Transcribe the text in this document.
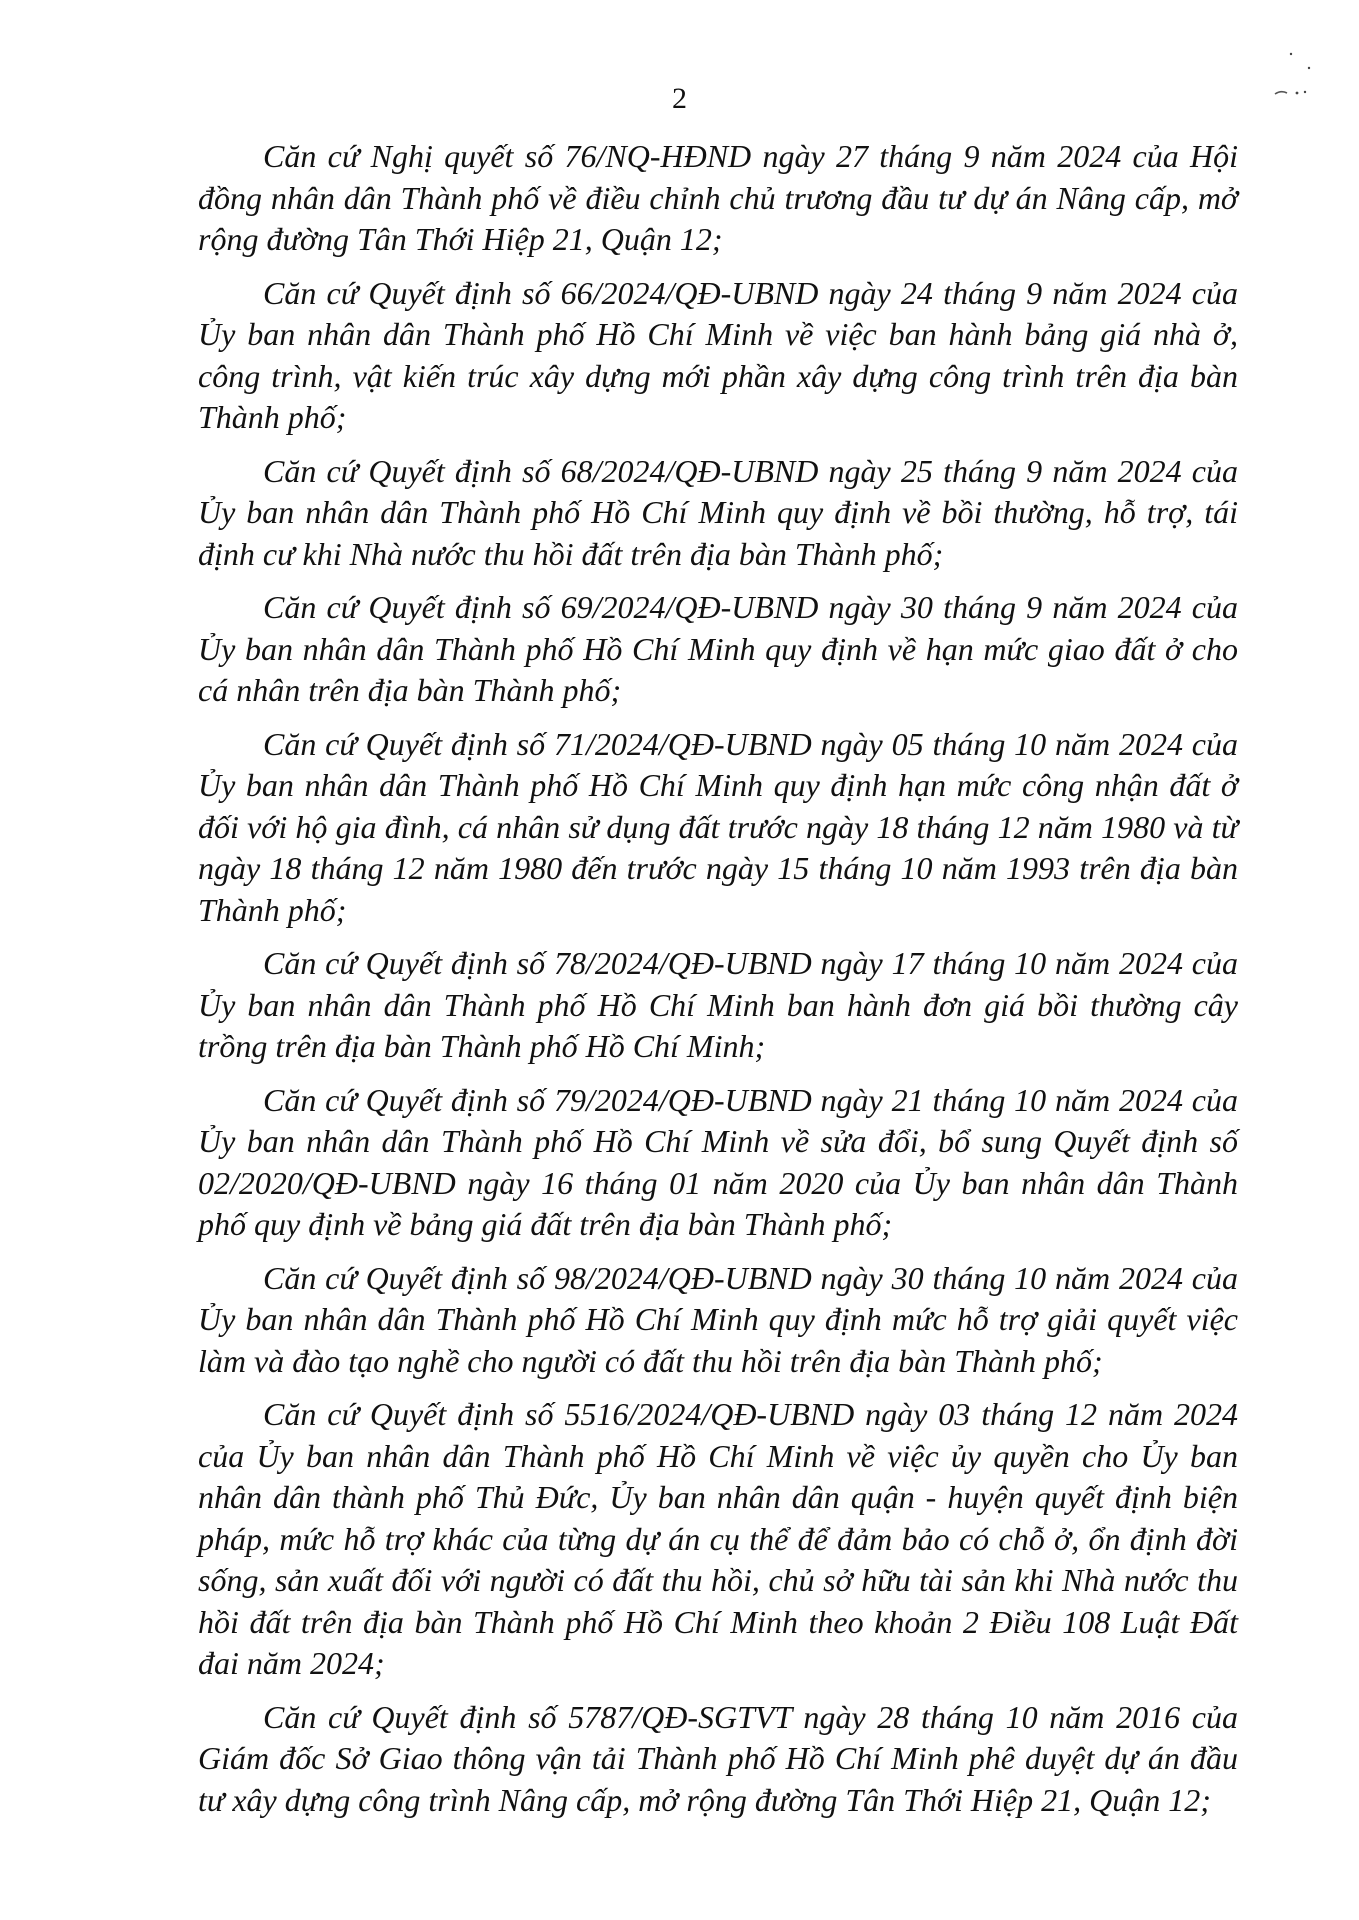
2

Căn cứ Nghị quyết số 76/NQ-HĐND ngày 27 tháng 9 năm 2024 của Hội đồng nhân dân Thành phố về điều chỉnh chủ trương đầu tư dự án Nâng cấp, mở rộng đường Tân Thới Hiệp 21, Quận 12;

Căn cứ Quyết định số 66/2024/QĐ-UBND ngày 24 tháng 9 năm 2024 của Ủy ban nhân dân Thành phố Hồ Chí Minh về việc ban hành bảng giá nhà ở, công trình, vật kiến trúc xây dựng mới phần xây dựng công trình trên địa bàn Thành phố;

Căn cứ Quyết định số 68/2024/QĐ-UBND ngày 25 tháng 9 năm 2024 của Ủy ban nhân dân Thành phố Hồ Chí Minh quy định về bồi thường, hỗ trợ, tái định cư khi Nhà nước thu hồi đất trên địa bàn Thành phố;

Căn cứ Quyết định số 69/2024/QĐ-UBND ngày 30 tháng 9 năm 2024 của Ủy ban nhân dân Thành phố Hồ Chí Minh quy định về hạn mức giao đất ở cho cá nhân trên địa bàn Thành phố;

Căn cứ Quyết định số 71/2024/QĐ-UBND ngày 05 tháng 10 năm 2024 của Ủy ban nhân dân Thành phố Hồ Chí Minh quy định hạn mức công nhận đất ở đối với hộ gia đình, cá nhân sử dụng đất trước ngày 18 tháng 12 năm 1980 và từ ngày 18 tháng 12 năm 1980 đến trước ngày 15 tháng 10 năm 1993 trên địa bàn Thành phố;

Căn cứ Quyết định số 78/2024/QĐ-UBND ngày 17 tháng 10 năm 2024 của Ủy ban nhân dân Thành phố Hồ Chí Minh ban hành đơn giá bồi thường cây trồng trên địa bàn Thành phố Hồ Chí Minh;

Căn cứ Quyết định số 79/2024/QĐ-UBND ngày 21 tháng 10 năm 2024 của Ủy ban nhân dân Thành phố Hồ Chí Minh về sửa đổi, bổ sung Quyết định số 02/2020/QĐ-UBND ngày 16 tháng 01 năm 2020 của Ủy ban nhân dân Thành phố quy định về bảng giá đất trên địa bàn Thành phố;

Căn cứ Quyết định số 98/2024/QĐ-UBND ngày 30 tháng 10 năm 2024 của Ủy ban nhân dân Thành phố Hồ Chí Minh quy định mức hỗ trợ giải quyết việc làm và đào tạo nghề cho người có đất thu hồi trên địa bàn Thành phố;

Căn cứ Quyết định số 5516/2024/QĐ-UBND ngày 03 tháng 12 năm 2024 của Ủy ban nhân dân Thành phố Hồ Chí Minh về việc ủy quyền cho Ủy ban nhân dân thành phố Thủ Đức, Ủy ban nhân dân quận - huyện quyết định biện pháp, mức hỗ trợ khác của từng dự án cụ thể để đảm bảo có chỗ ở, ổn định đời sống, sản xuất đối với người có đất thu hồi, chủ sở hữu tài sản khi Nhà nước thu hồi đất trên địa bàn Thành phố Hồ Chí Minh theo khoản 2 Điều 108 Luật Đất đai năm 2024;

Căn cứ Quyết định số 5787/QĐ-SGTVT ngày 28 tháng 10 năm 2016 của Giám đốc Sở Giao thông vận tải Thành phố Hồ Chí Minh phê duyệt dự án đầu tư xây dựng công trình Nâng cấp, mở rộng đường Tân Thới Hiệp 21, Quận 12;
